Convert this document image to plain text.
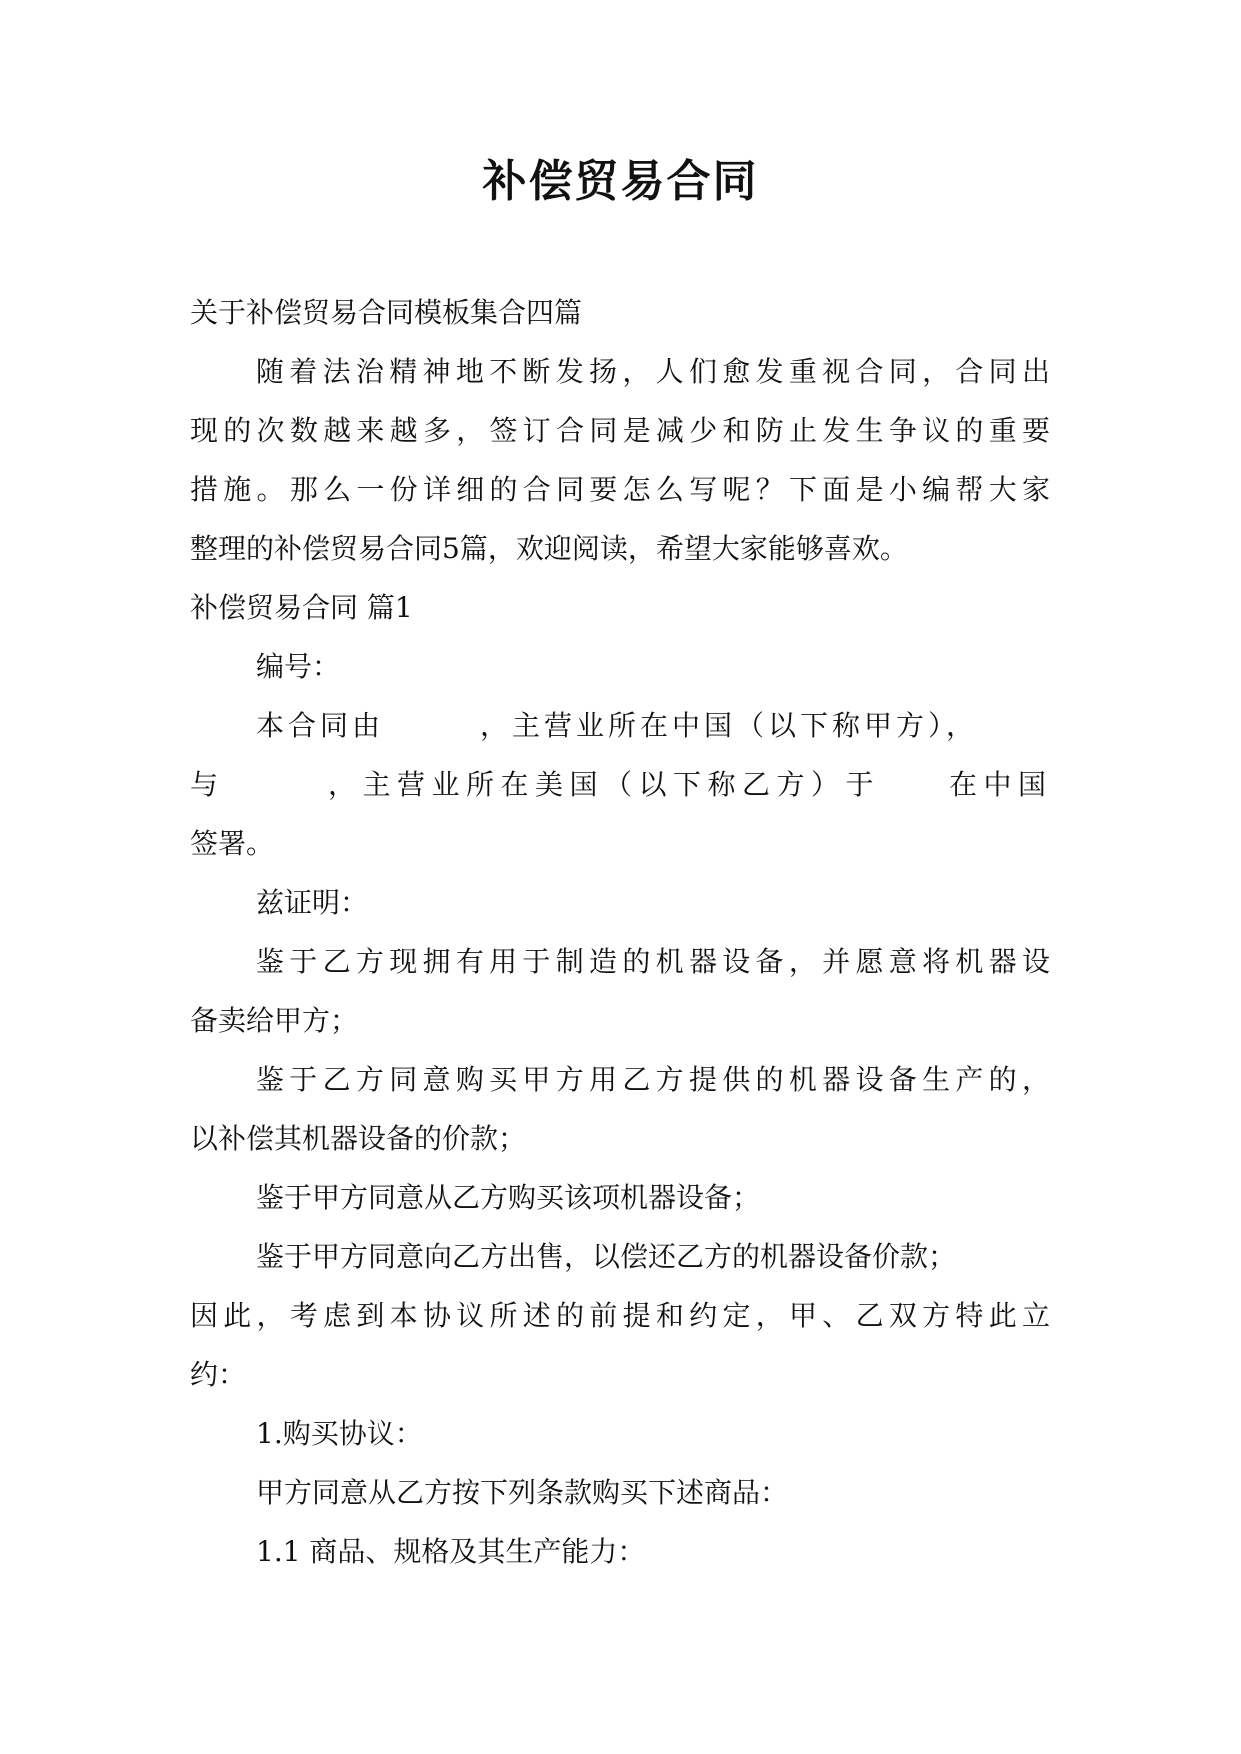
补偿贸易合同
关于补偿贸易合同模板集合四篇
随着法治精神地不断发扬，人们愈发重视合同，合同出
现的次数越来越多，签订合同是减少和防止发生争议的重要
措施。那么一份详细的合同要怎么写呢？下面是小编帮大家
整理的补偿贸易合同5篇，欢迎阅读，希望大家能够喜欢。
补偿贸易合同 篇1
编号：
本合同由　　　，主营业所在中国（以下称甲方），
与　　　，主营业所在美国（以下称乙方）于　　在中国
签署。
兹证明：
鉴于乙方现拥有用于制造的机器设备，并愿意将机器设
备卖给甲方；
鉴于乙方同意购买甲方用乙方提供的机器设备生产的，
以补偿其机器设备的价款；
鉴于甲方同意从乙方购买该项机器设备；
鉴于甲方同意向乙方出售，以偿还乙方的机器设备价款；
因此，考虑到本协议所述的前提和约定，甲、乙双方特此立
约：
1.购买协议：
甲方同意从乙方按下列条款购买下述商品：
1.1 商品、规格及其生产能力：
